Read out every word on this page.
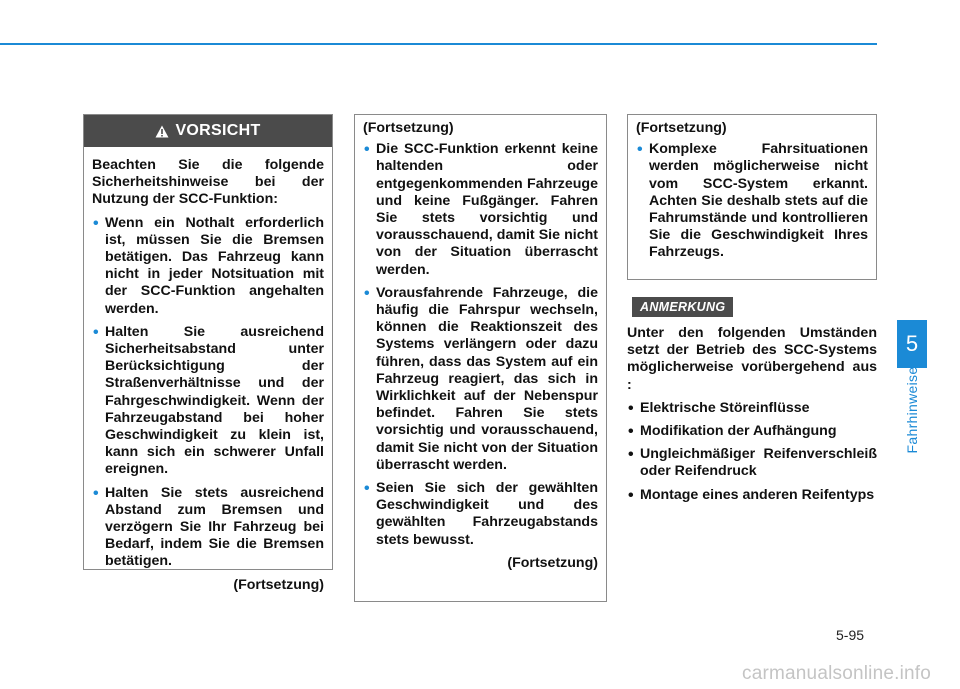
VORSICHT
Beachten Sie die folgende Sicherheitshinweise bei der Nutzung der SCC-Funktion:
• Wenn ein Nothalt erforderlich ist, müssen Sie die Bremsen betätigen. Das Fahrzeug kann nicht in jeder Notsituation mit der SCC-Funktion angehalten werden.
• Halten Sie ausreichend Sicherheitsabstand unter Berücksichtigung der Straßenverhältnisse und der Fahrgeschwindigkeit. Wenn der Fahrzeugabstand bei hoher Geschwindigkeit zu klein ist, kann sich ein schwerer Unfall ereignen.
• Halten Sie stets ausreichend Abstand zum Bremsen und verzögern Sie Ihr Fahrzeug bei Bedarf, indem Sie die Bremsen betätigen.
(Fortsetzung)
(Fortsetzung)
• Die SCC-Funktion erkennt keine haltenden oder entgegenkommenden Fahrzeuge und keine Fußgänger. Fahren Sie stets vorsichtig und vorausschauend, damit Sie nicht von der Situation überrascht werden.
• Vorausfahrende Fahrzeuge, die häufig die Fahrspur wechseln, können die Reaktionszeit des Systems verlängern oder dazu führen, dass das System auf ein Fahrzeug reagiert, das sich in Wirklichkeit auf der Nebenspur befindet. Fahren Sie stets vorsichtig und vorausschauend, damit Sie nicht von der Situation überrascht werden.
• Seien Sie sich der gewählten Geschwindigkeit und des gewählten Fahrzeugabstands stets bewusst.
(Fortsetzung)
(Fortsetzung)
• Komplexe Fahrsituationen werden möglicherweise nicht vom SCC-System erkannt. Achten Sie deshalb stets auf die Fahrumstände und kontrollieren Sie die Geschwindigkeit Ihres Fahrzeugs.
ANMERKUNG
Unter den folgenden Umständen setzt der Betrieb des SCC-Systems möglicherweise vorübergehend aus :
• Elektrische Störeinflüsse
• Modifikation der Aufhängung
• Ungleichmäßiger Reifenverschleiß oder Reifendruck
• Montage eines anderen Reifentyps
5
Fahrhinweise
5-95
carmanualsonline.info
